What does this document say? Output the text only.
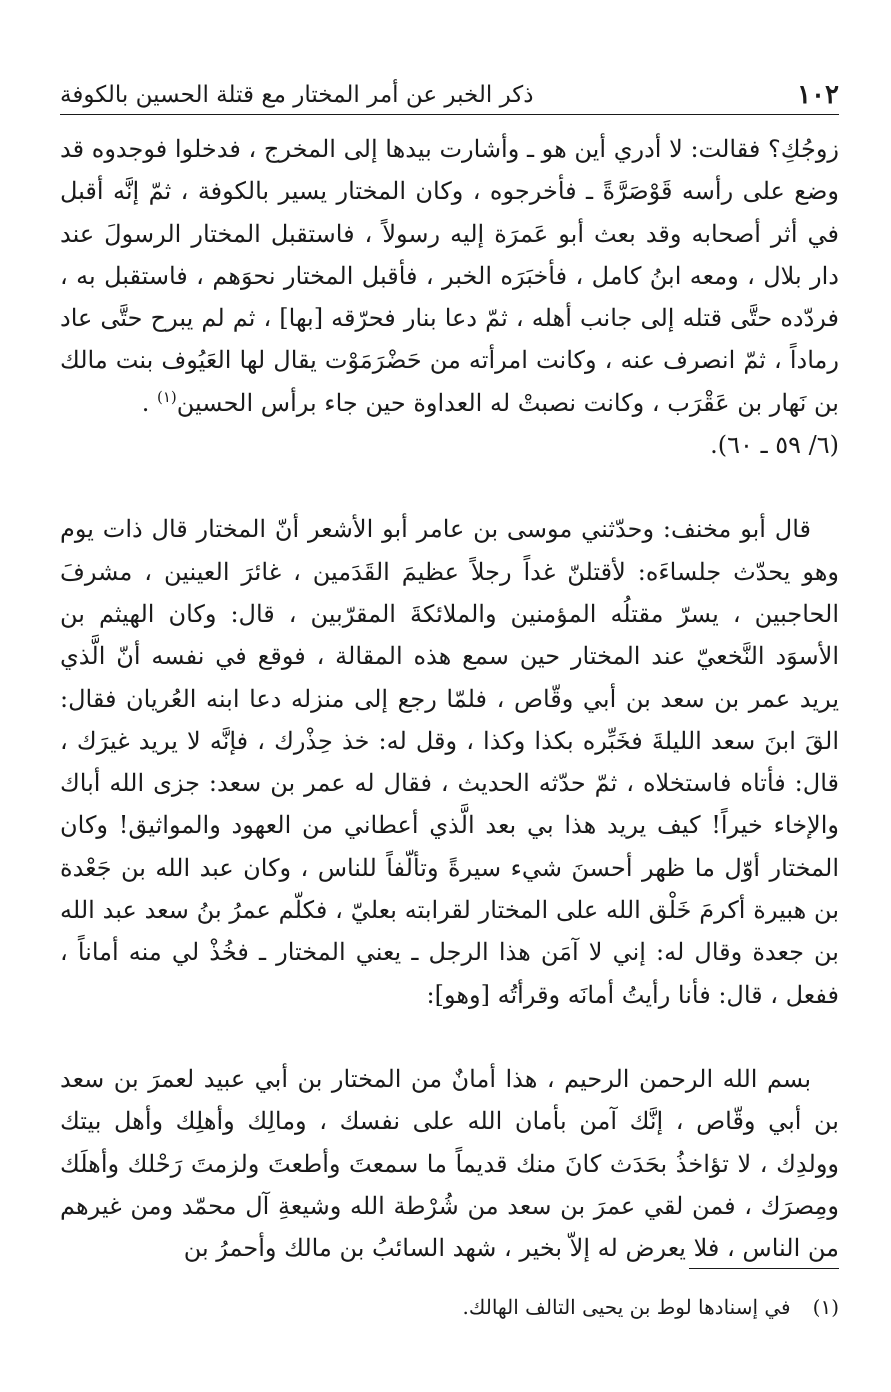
١٠٢
ذكر الخبر عن أمر المختار مع قتلة الحسين بالكوفة

زوجُكِ؟ فقالت: لا أدري أين هو ـ وأشارت بيدها إلى المخرج ، فدخلوا فوجدوه قد وضع على رأسه قَوْصَرَّةً ـ فأخرجوه ، وكان المختار يسير بالكوفة ، ثمّ إنَّه أقبل في أثر أصحابه وقد بعث أبو عَمرَة إليه رسولاً ، فاستقبل المختار الرسولَ عند دار بلال ، ومعه ابنُ كامل ، فأخبَرَه الخبر ، فأقبل المختار نحوَهم ، فاستقبل به ، فردّده حتَّى قتله إلى جانب أهله ، ثمّ دعا بنار فحرّقه [بها] ، ثم لم يبرح حتَّى عاد رماداً ، ثمّ انصرف عنه ، وكانت امرأته من حَضْرَمَوْت يقال لها العَيُوف بنت مالك بن نَهار بن عَقْرَب ، وكانت نصبتْ له العداوة حين جاء برأس الحسين$^{(١)}$ .
(٦/ ٥٩ ـ ٦٠).

قال أبو مخنف: وحدّثني موسى بن عامر أبو الأشعر أنّ المختار قال ذات يوم وهو يحدّث جلساءَه: لأقتلنّ غداً رجلاً عظيمَ القَدَمين ، غائرَ العينين ، مشرفَ الحاجبين ، يسرّ مقتلُه المؤمنين والملائكةَ المقرّبين ، قال: وكان الهيثم بن الأسوَد النَّخعيّ عند المختار حين سمع هذه المقالة ، فوقع في نفسه أنّ الَّذي يريد عمر بن سعد بن أبي وقّاص ، فلمّا رجع إلى منزله دعا ابنه العُريان فقال: القَ ابنَ سعد الليلةَ فخَبِّره بكذا وكذا ، وقل له: خذ حِذْرك ، فإنَّه لا يريد غيرَك ، قال: فأتاه فاستخلاه ، ثمّ حدّثه الحديث ، فقال له عمر بن سعد: جزى الله أباك والإخاء خيراً! كيف يريد هذا بي بعد الَّذي أعطاني من العهود والمواثيق! وكان المختار أوّل ما ظهر أحسنَ شيء سيرةً وتألّفاً للناس ، وكان عبد الله بن جَعْدة بن هبيرة أكرمَ خَلْق الله على المختار لقرابته بعليّ ، فكلّم عمرُ بنُ سعد عبد الله بن جعدة وقال له: إني لا آمَن هذا الرجل ـ يعني المختار ـ فخُذْ لي منه أماناً ، ففعل ، قال: فأنا رأيتُ أمانَه وقرأتُه [وهو]:

بسم الله الرحمن الرحيم ، هذا أمانٌ من المختار بن أبي عبيد لعمرَ بن سعد بن أبي وقّاص ، إنَّك آمن بأمان الله على نفسك ، ومالِك وأهلِك وأهل بيتك وولدِك ، لا تؤاخذُ بحَدَث كانَ منك قديماً ما سمعتَ وأطعتَ ولزمتَ رَحْلك وأهلَك ومِصرَك ، فمن لقي عمرَ بن سعد من شُرْطة الله وشيعةِ آل محمّد ومن غيرهم من الناس ، فلا يعرض له إلاّ بخير ، شهد السائبُ بن مالك وأحمرُ بن

(١)
في إسنادها لوط بن يحيى التالف الهالك.
